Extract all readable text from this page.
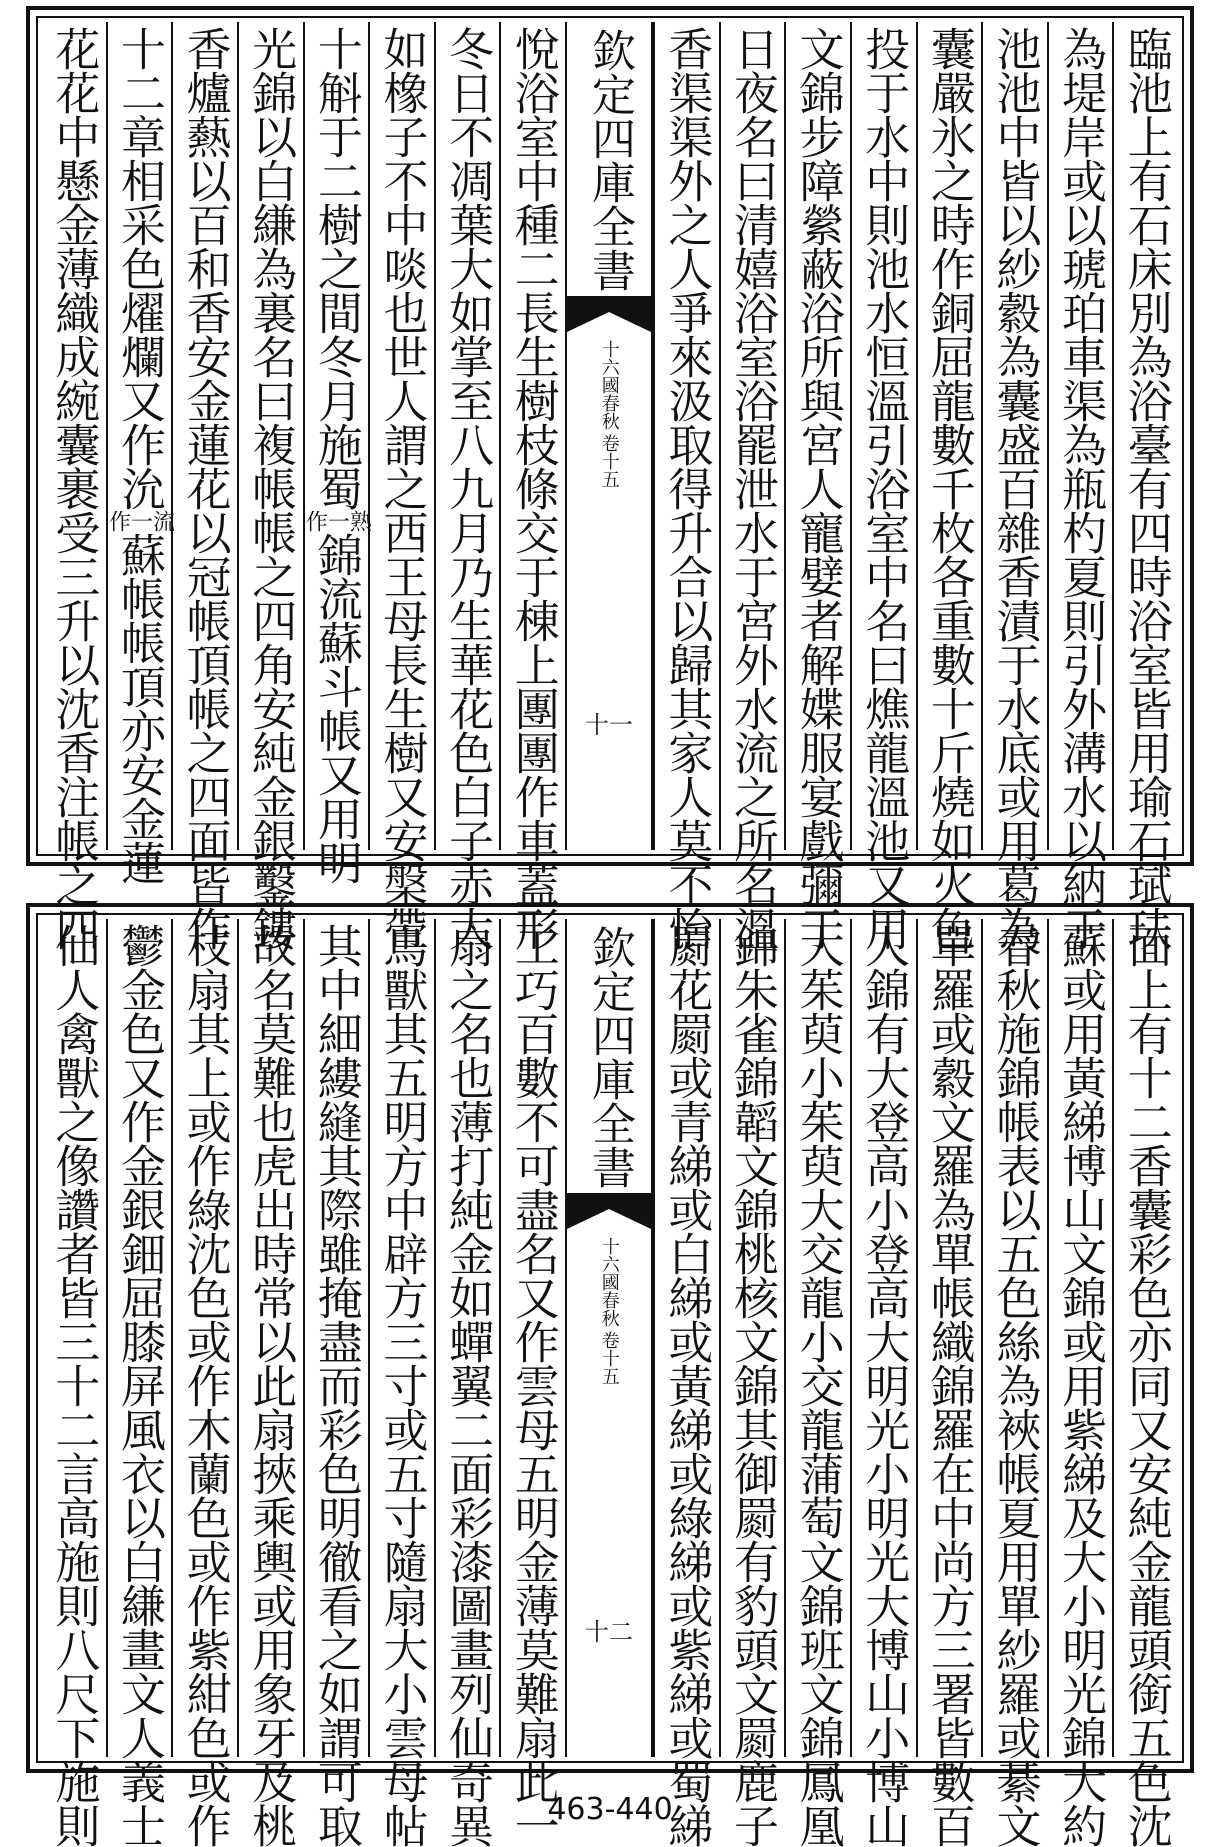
臨池上有石床別為浴臺有四時浴室皆用瑜石珷玞
為堤岸或以琥珀車渠為瓶杓夏則引外溝水以納于
池池中皆以紗縠為囊盛百雜香漬于水底或用葛為
囊嚴氷之時作銅屈龍數千枚各重數十斤燒如火色
投于水中則池水恒溫引浴室中名曰燋龍溫池又用
文錦步障縈蔽浴所與宮人寵嬖者解媟服宴戲彌于
日夜名曰清嬉浴室浴罷泄水于宮外水流之所名溫
香渠渠外之人爭來汲取得升合以歸其家人莫不怡
欽定四庫全書
十六國春秋
卷十五
十一
悅浴室中種二長生樹枝條交于棟上團團作車蓋形
冬日不凋葉大如掌至八九月乃生華花色白子赤大
如橡子不中啖也世人謂之西王母長生樹又安槃帶
十斛于二樹之間冬月施蜀
熟一作
錦流蘇斗帳又用明
光錦以白縑為裏名曰複帳帳之四角安純金銀鑿鏤
香爐爇以百和香安金蓮花以冠帳頂帳之四面皆作
十二章相采色燿爛又作沇
流一作
蘇帳帳頂亦安金蓮
花花中懸金薄織成綩囊裹受三升以沈香注帳之四
面上有十二香囊彩色亦同又安純金龍頭銜五色沈
蘇或用黃綈博山文錦或用紫綈及大小明光錦大約
春秋施錦帳表以五色絲為裌帳夏用單紗羅或綦文
單羅或縠文羅為單帳織錦羅在中尚方三署皆數百
人錦有大登高小登高大明光小明光大博山小博山
大茱萸小茱萸大交龍小交龍蒲萄文錦班文錦鳳凰
錦朱雀錦韜文錦桃核文錦其御罽有豹頭文罽鹿子
罽花罽或青綈或白綈或黃綈或綠綈或紫綈或蜀綈
欽定四庫全書
十六國春秋
卷十五
十二
工巧百數不可盡名又作雲母五明金薄莫難扇此一
扇之名也薄打純金如蟬翼二面彩漆圖畫列仙奇異
鳥獸其五明方中辟方三寸或五寸隨扇大小雲母帖
其中細縷縫其際雖掩盡而彩色明徹看之如謂可取
故名莫難也虎出時常以此扇挾乘輿或用象牙及桃
枝扇其上或作綠沈色或作木蘭色或作紫紺色或作
鬱金色又作金銀鈿屈膝屏風衣以白縑畫文人義士
仙人禽獸之像讚者皆三十二言高施則八尺下施則	463-440
